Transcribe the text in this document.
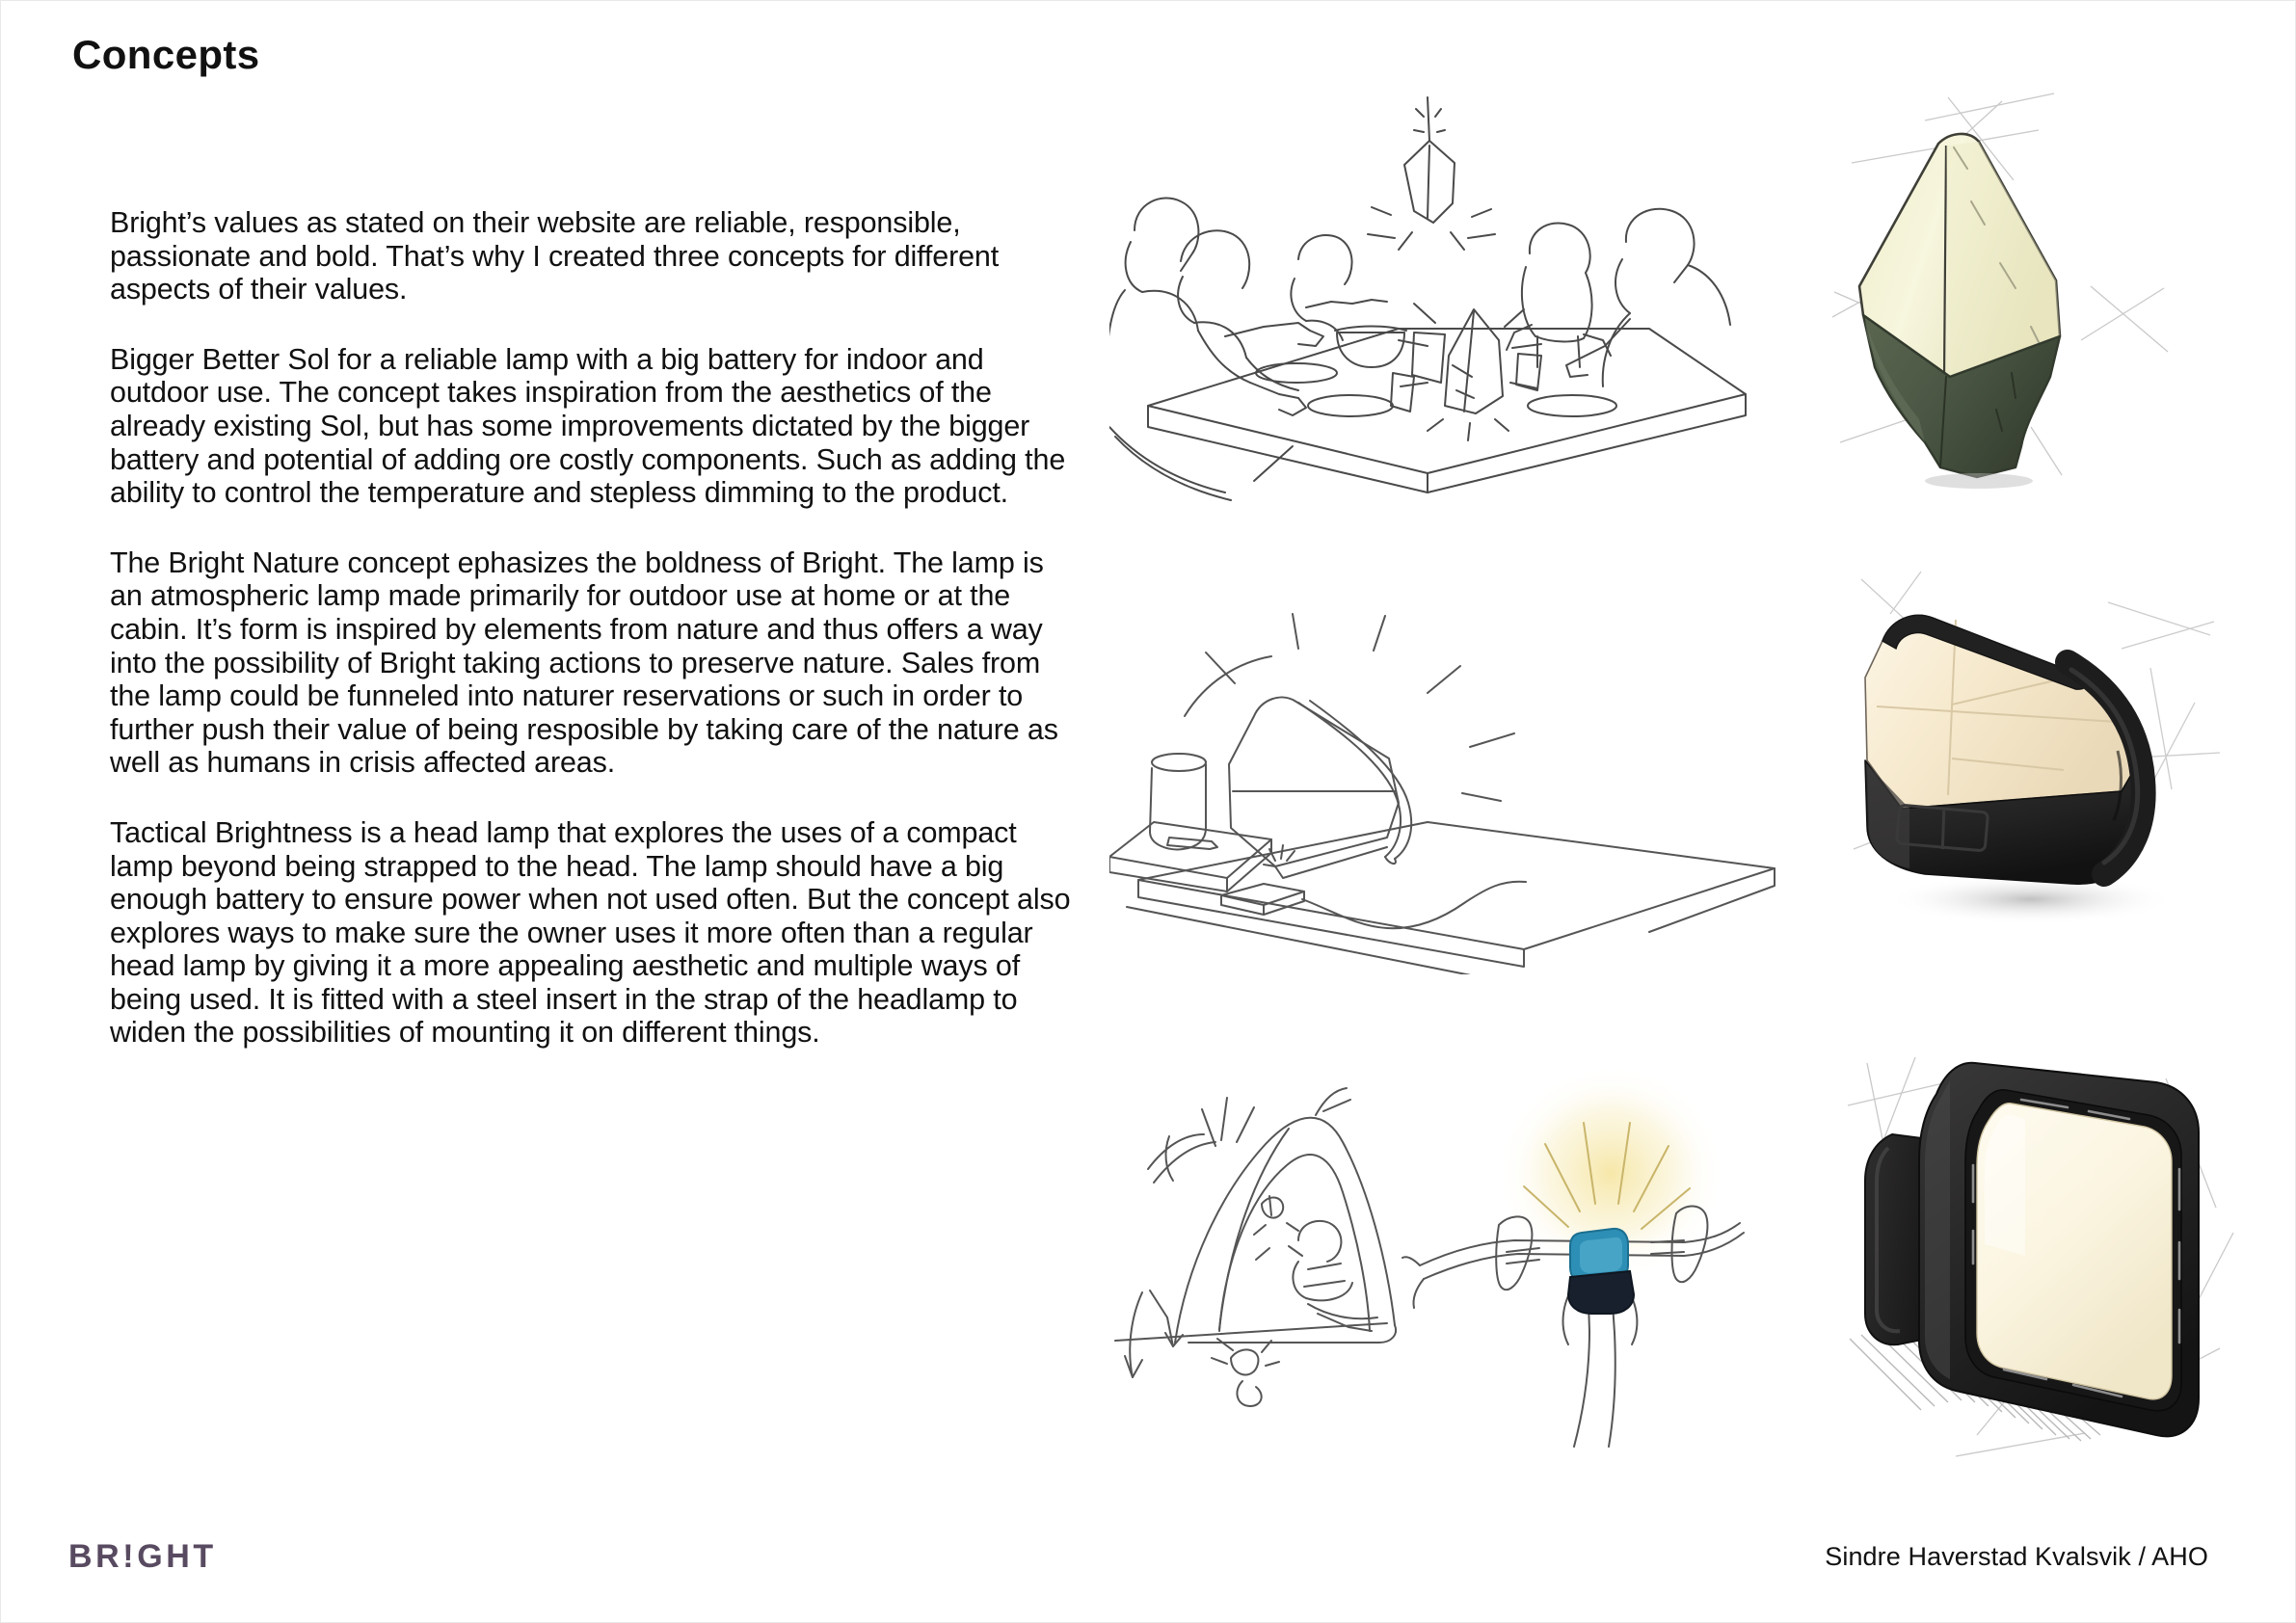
Concepts

Bright’s values as stated on their website are reliable, responsible, passionate and bold. That’s why I created three concepts for different aspects of their values.

Bigger Better Sol for a reliable lamp with a big battery for indoor and outdoor use. The concept takes inspiration from the aesthetics of the already existing Sol, but has some improvements dictated by the bigger battery and potential of adding ore costly components. Such as adding the ability to control the temperature and stepless dimming to the product.

The Bright Nature concept ephasizes the boldness of Bright. The lamp is an atmospheric lamp made primarily for outdoor use at home or at the cabin. It’s form is inspired by elements from nature and thus offers a way into the possibility of Bright taking actions to preserve nature. Sales from the lamp could be funneled into naturer reservations or such in order to further push their value of being resposible by taking care of the nature as well as humans in crisis affected areas.

Tactical Brightness is a head lamp that explores the uses of a compact lamp beyond being strapped to the head. The lamp should have a big enough battery to ensure power when not used often. But the concept also explores ways to make sure the owner uses it more often than a regular head lamp by giving it a more appealing aesthetic and multiple ways of being used. It is fitted with a steel insert in the strap of the headlamp to widen the possibilities of mounting it on different things.

BR!GHT	Sindre Haverstad Kvalsvik / AHO
